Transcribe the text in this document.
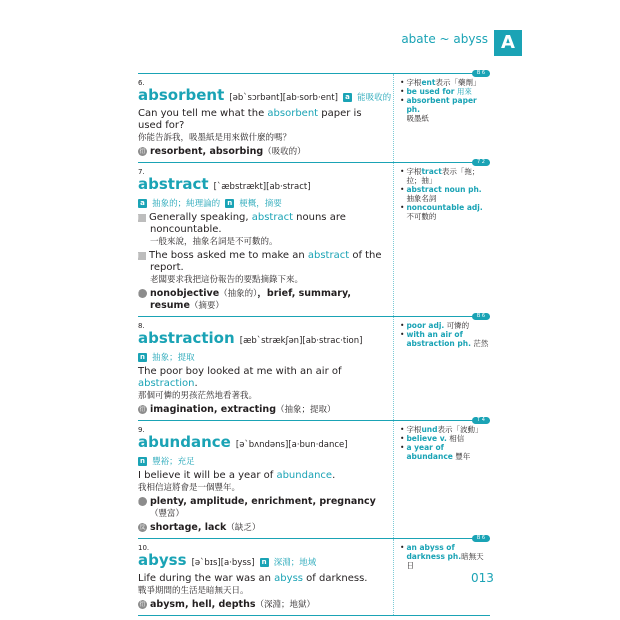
abate ~ abyss A
6.
absorbent [əbˋsɔrbənt][ab·sorb·ent] a 能吸收的
Can you tell me what the absorbent paper is used for?
你能告訴我，吸墨紙是用來做什麼的嗎？
衍 resorbent, absorbing（吸收的）
B 6
• 字根ent表示「藥劑」
• be used for 用來
• absorbent paper ph.
吸墨紙
7.
abstract [ˋæbstrækt][ab·stract]
a 抽象的；純理論的 n 梗概，摘要
■ Generally speaking, abstract nouns are noncountable.
一般來說，抽象名詞是不可數的。
■ The boss asked me to make an abstract of the report.
老闆要求我把這份報告的要點摘錄下來。
衍 nonobjective（抽象的），brief, summary, resume（摘要）
7 2
• 字根tract表示「拖；拉；抽」
• abstract noun ph.
抽象名詞
• noncountable adj.
不可數的
8.
abstraction [æbˋstrækʃən][ab·strac·tion]
n 抽象；提取
The poor boy looked at me with an air of abstraction.
那個可憐的男孩茫然地看著我。
衍 imagination, extracting（抽象；提取）
B 6
• poor adj. 可憐的
• with an air of
abstraction ph. 茫然
9.
abundance [əˋbʌndəns][a·bun·dance]
n 豐裕；充足
I believe it will be a year of abundance.
我相信這將會是一個豐年。
衍 plenty, amplitude, enrichment, pregnancy（豐富）
反 shortage, lack（缺乏）
T 4
• 字根und表示「波動」
• believe v. 相信
• a year of
abundance 豐年
10.
abyss [əˋbɪs][a·byss] n 深淵；地域
Life during the war was an abyss of darkness.
戰爭期間的生活是暗無天日。
衍 abysm, hell, depths（深淵；地獄）
B 6
• an abyss of
darkness ph.暗無天日
013
